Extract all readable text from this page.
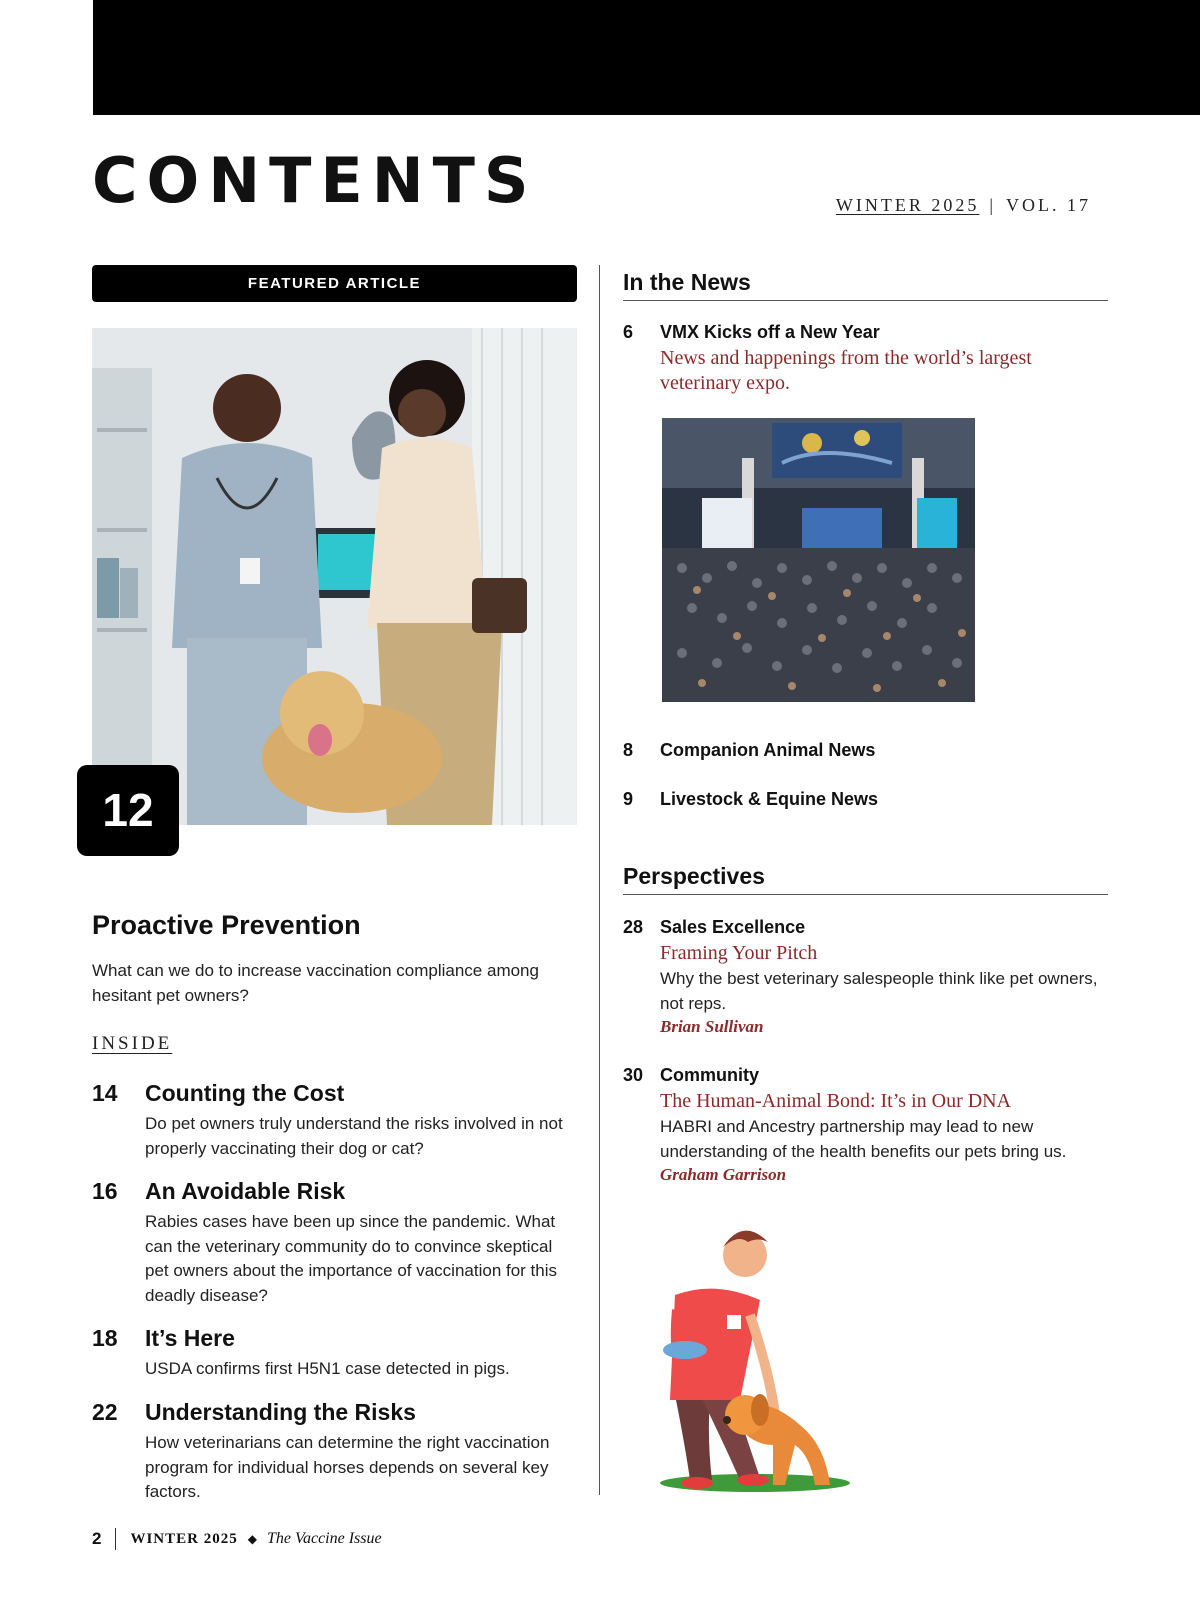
CONTENTS	WINTER 2025 | VOL. 17
FEATURED ARTICLE
12
Proactive Prevention
What can we do to increase vaccination compliance among hesitant pet owners?
INSIDE
14 Counting the Cost
Do pet owners truly understand the risks involved in not properly vaccinating their dog or cat?
16 An Avoidable Risk
Rabies cases have been up since the pandemic. What can the veterinary community do to convince skeptical pet owners about the importance of vaccination for this deadly disease?
18 It’s Here
USDA confirms first H5N1 case detected in pigs.
22 Understanding the Risks
How veterinarians can determine the right vaccination program for individual horses depends on several key factors.
In the News
6 VMX Kicks off a New Year
News and happenings from the world’s largest veterinary expo.
8 Companion Animal News
9 Livestock & Equine News
Perspectives
28 Sales Excellence
Framing Your Pitch
Why the best veterinary salespeople think like pet owners, not reps.
Brian Sullivan
30 Community
The Human-Animal Bond: It’s in Our DNA
HABRI and Ancestry partnership may lead to new understanding of the health benefits our pets bring us.
Graham Garrison
2 WINTER 2025 ◆ The Vaccine Issue
